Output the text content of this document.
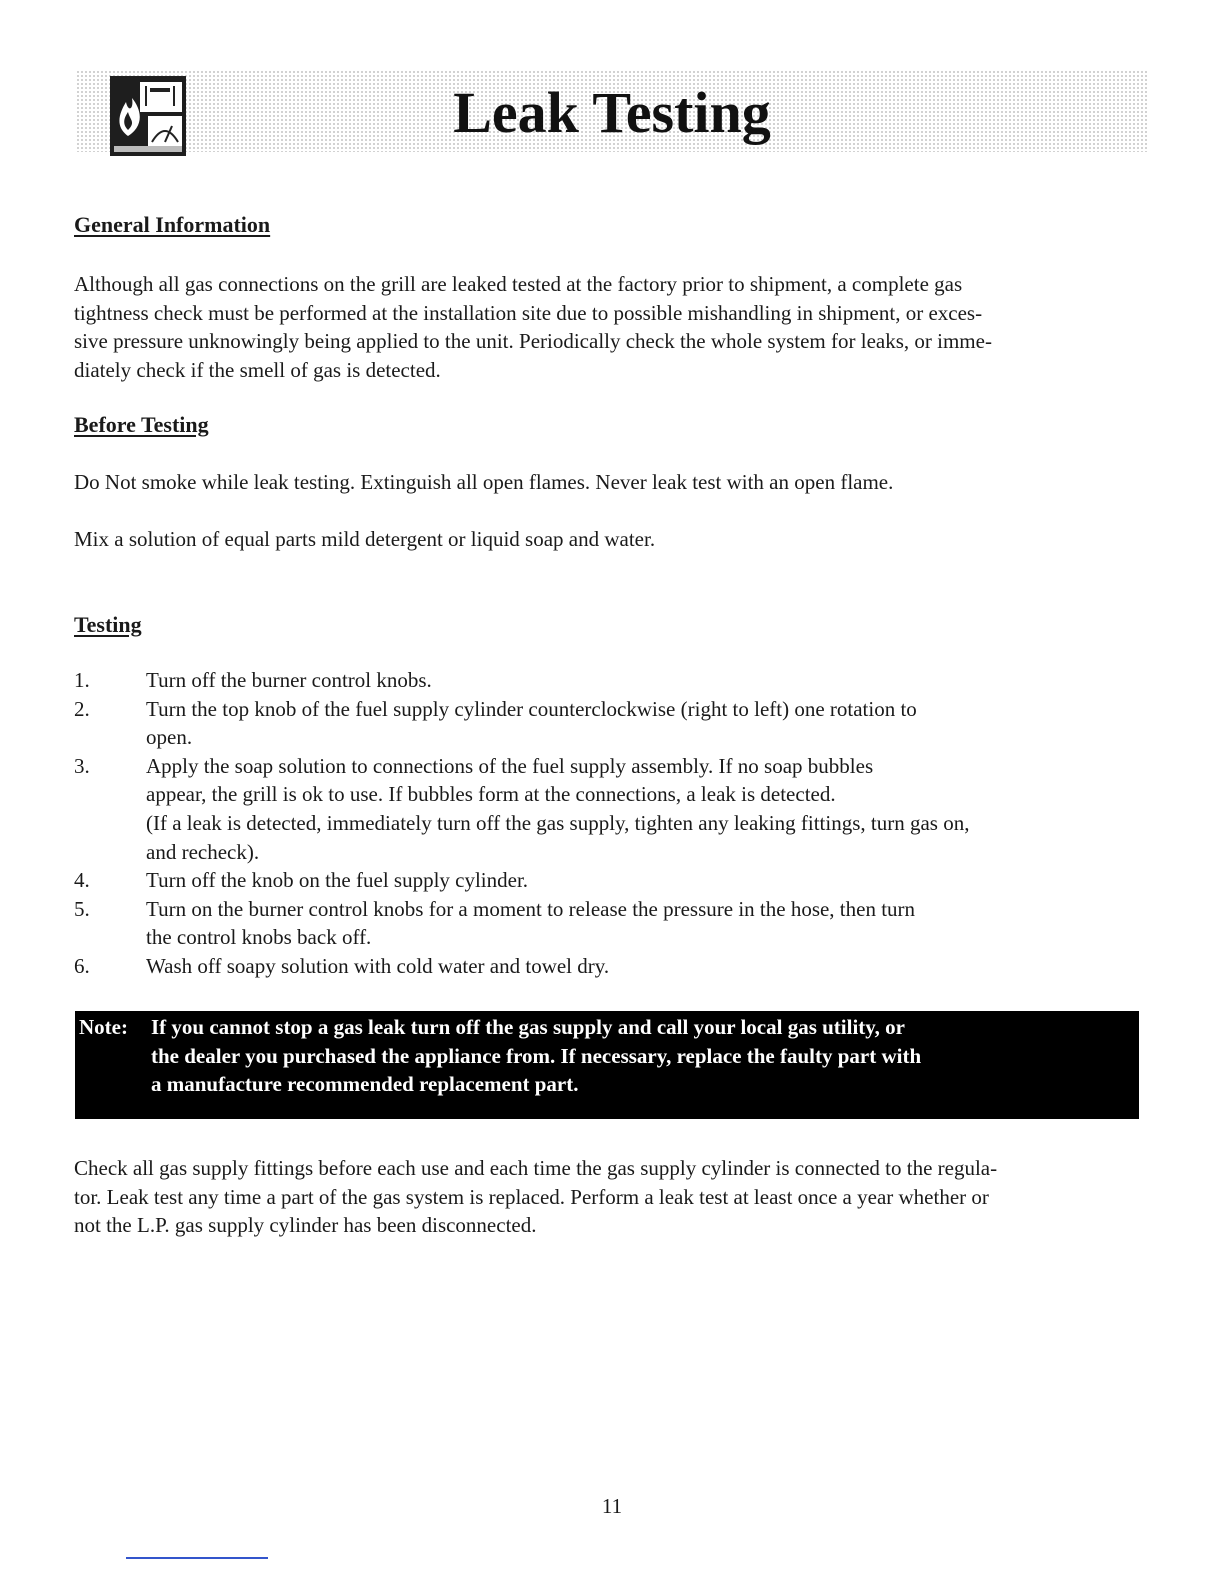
Leak Testing
General Information

Although all gas connections on the grill are leaked tested at the factory prior to shipment, a complete gas
tightness check must be performed at the installation site due to possible mishandling in shipment, or exces-
sive pressure unknowingly being applied to the unit. Periodically check the whole system for leaks, or imme-
diately check if the smell of gas is detected.

Before Testing

Do Not smoke while leak testing. Extinguish all open flames. Never leak test with an open flame.

Mix a solution of equal parts mild detergent or liquid soap and water.

Testing
1.	Turn off the burner control knobs.
2.	Turn the top knob of the fuel supply cylinder counterclockwise (right to left) one rotation to
open.
3.	Apply the soap solution to connections of the fuel supply assembly. If no soap bubbles
appear, the grill is ok to use. If bubbles form at the connections, a leak is detected.
(If a leak is detected, immediately turn off the gas supply, tighten any leaking fittings, turn gas on,
and recheck).
4.	Turn off the knob on the fuel supply cylinder.
5.	Turn on the burner control knobs for a moment to release the pressure in the hose, then turn
the control knobs back off.
6.	Wash off soapy solution with cold water and towel dry.
Note:	If you cannot stop a gas leak turn off the gas supply and call your local gas utility, or
the dealer you purchased the appliance from. If necessary, replace the faulty part with
a manufacture recommended replacement part.

Check all gas supply fittings before each use and each time the gas supply cylinder is connected to the regula-
tor. Leak test any time a part of the gas system is replaced. Perform a leak test at least once a year whether or
not the L.P. gas supply cylinder has been disconnected.

11
